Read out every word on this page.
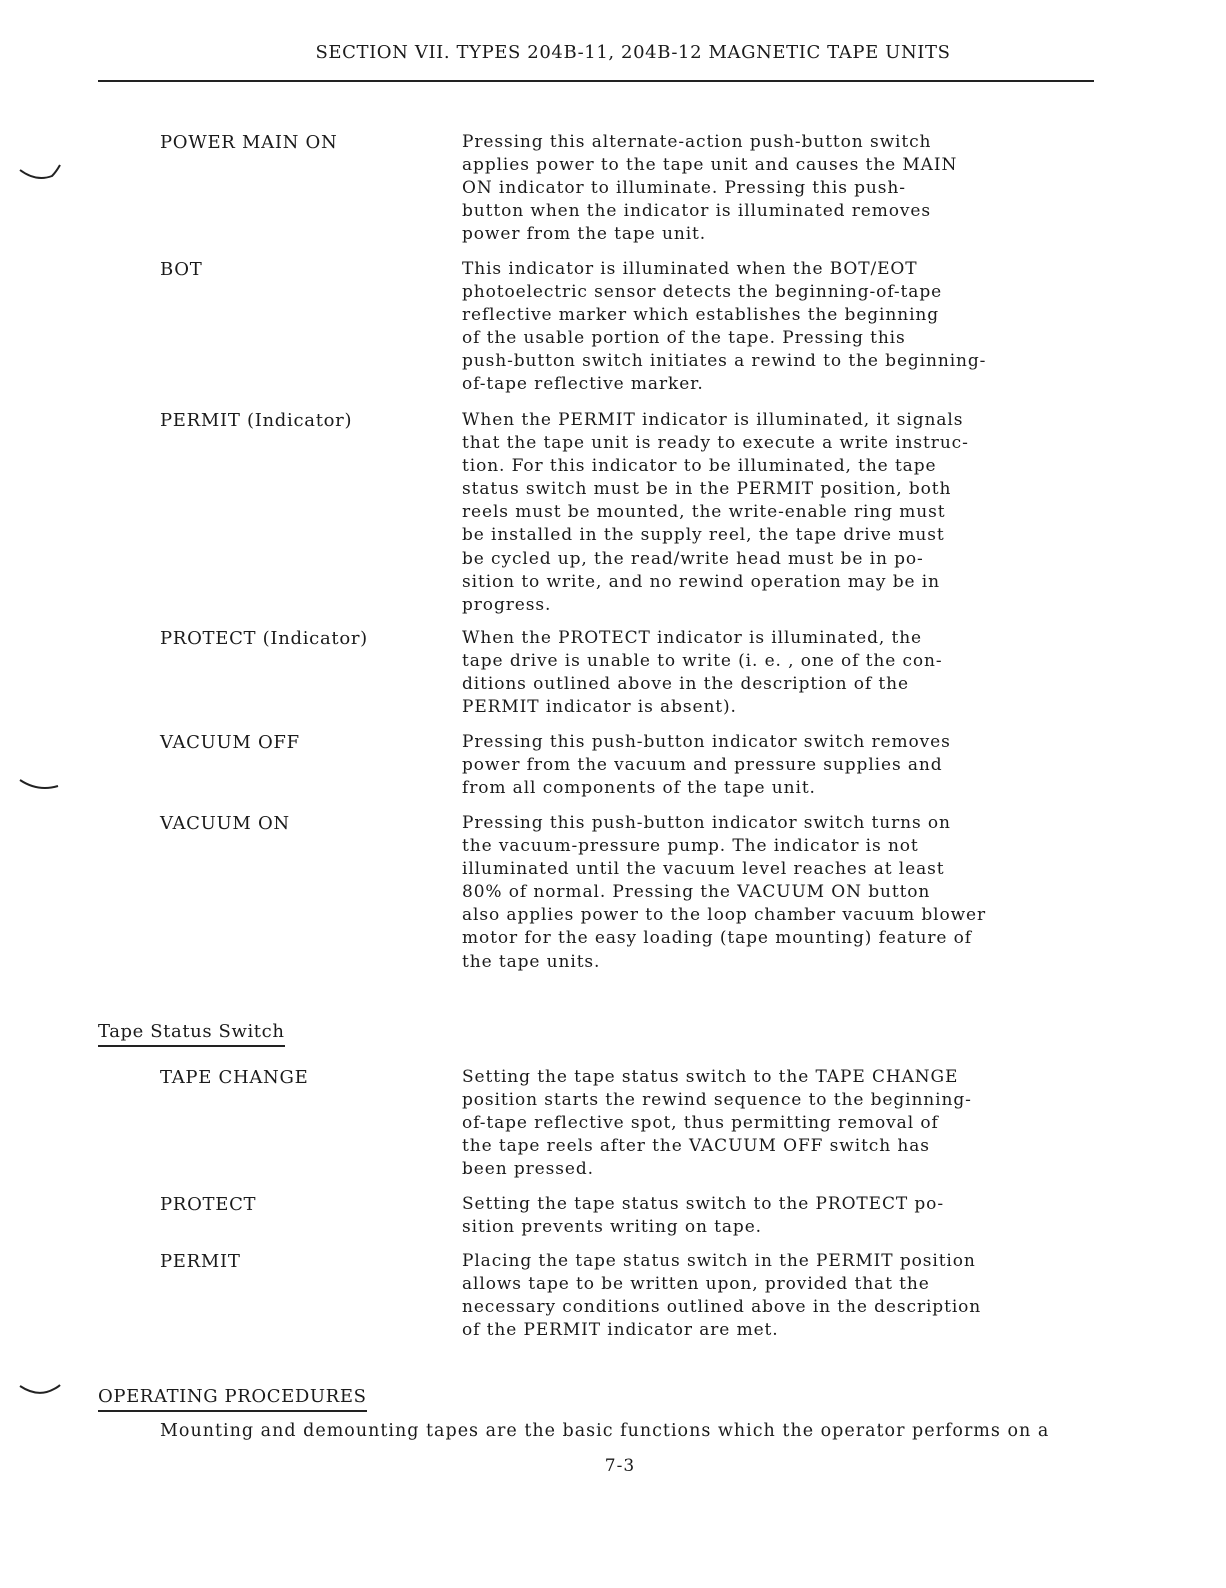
SECTION VII. TYPES 204B-11, 204B-12 MAGNETIC TAPE UNITS
POWER MAIN ON	Pressing this alternate-action push-button switch
applies power to the tape unit and causes the MAIN
ON indicator to illuminate. Pressing this push-
button when the indicator is illuminated removes
power from the tape unit.
BOT	This indicator is illuminated when the BOT/EOT
photoelectric sensor detects the beginning-of-tape
reflective marker which establishes the beginning
of the usable portion of the tape. Pressing this
push-button switch initiates a rewind to the beginning-
of-tape reflective marker.
PERMIT (Indicator)	When the PERMIT indicator is illuminated, it signals
that the tape unit is ready to execute a write instruc-
tion. For this indicator to be illuminated, the tape
status switch must be in the PERMIT position, both
reels must be mounted, the write-enable ring must
be installed in the supply reel, the tape drive must
be cycled up, the read/write head must be in po-
sition to write, and no rewind operation may be in
progress.
PROTECT (Indicator)	When the PROTECT indicator is illuminated, the
tape drive is unable to write (i. e. , one of the con-
ditions outlined above in the description of the
PERMIT indicator is absent).
VACUUM OFF	Pressing this push-button indicator switch removes
power from the vacuum and pressure supplies and
from all components of the tape unit.
VACUUM ON	Pressing this push-button indicator switch turns on
the vacuum-pressure pump. The indicator is not
illuminated until the vacuum level reaches at least
80% of normal. Pressing the VACUUM ON button
also applies power to the loop chamber vacuum blower
motor for the easy loading (tape mounting) feature of
the tape units.
Tape Status Switch
TAPE CHANGE	Setting the tape status switch to the TAPE CHANGE
position starts the rewind sequence to the beginning-
of-tape reflective spot, thus permitting removal of
the tape reels after the VACUUM OFF switch has
been pressed.
PROTECT	Setting the tape status switch to the PROTECT po-
sition prevents writing on tape.
PERMIT	Placing the tape status switch in the PERMIT position
allows tape to be written upon, provided that the
necessary conditions outlined above in the description
of the PERMIT indicator are met.
OPERATING PROCEDURES
Mounting and demounting tapes are the basic functions which the operator performs on a
7-3
